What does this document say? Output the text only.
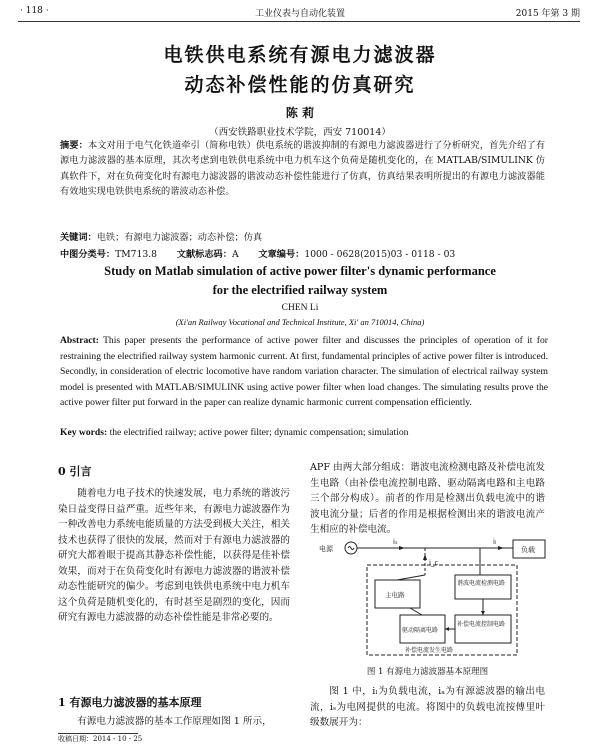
· 118 ·	工业仪表与自动化装置	2015 年第 3 期
电铁供电系统有源电力滤波器
动态补偿性能的仿真研究
陈 莉
（西安铁路职业技术学院，西安 710014）
摘要：本文对用于电气化铁道牵引（简称电铁）供电系统的谐波抑制的有源电力滤波器进行了分析研究，首先介绍了有源电力滤波器的基本原理，其次考虑到电铁供电系统中电力机车这个负荷是随机变化的，在 MATLAB/SIMULINK 仿真软件下，对在负荷变化时有源电力滤波器的谐波动态补偿性能进行了仿真，仿真结果表明所提出的有源电力滤波器能有效地实现电铁供电系统的谐波动态补偿。
关键词：电铁；有源电力滤波器；动态补偿；仿真
中图分类号：TM713.8 文献标志码：A 文章编号：1000 - 0628(2015)03 - 0118 - 03
Study on Matlab simulation of active power filter's dynamic performance
for the electrified railway system
CHEN Li
(Xi'an Railway Vocational and Technical Institute, Xi' an 710014, China)
Abstract: This paper presents the performance of active power filter and discusses the principles of operation of it for restraining the electrified railway system harmonic current. At first, fundamental principles of active power filter is introduced. Secondly, in consideration of electric locomotive have random variation character. The simulation of electrical railway system model is presented with MATLAB/SIMULINK using active power filter when load changes. The simulating results prove the active power filter put forward in the paper can realize dynamic harmonic current compensation efficiently.
Key words: the electrified railway; active power filter; dynamic compensation; simulation
0 引言
随着电力电子技术的快速发展，电力系统的谐波污染日益变得日益严重。近些年来，有源电力滤波器作为一种改善电力系统电能质量的方法受到极大关注，相关技术也获得了很快的发展，然而对于有源电力滤波器的研究大都着眼于提高其静态补偿性能，以获得是佳补偿效果，而对于在负荷变化时有源电力滤波器的谐波补偿动态性能研究的偏少。考虑到电铁供电系统中电力机车这个负荷是随机变化的，有时甚至是剧烈的变化，因而研究有源电力滤波器的动态补偿性能是非常必要的。
1 有源电力滤波器的基本原理
有源电力滤波器的基本工作原理如图 1 所示，
收稿日期：2014 - 10 - 25
APF 由两大部分组成：谐波电流检测电路及补偿电流发生电路（由补偿电流控制电路、驱动隔离电路和主电路三个部分构成）。前者的作用是检测出负载电流中的谐波电流分量；后者的作用是根据检测出来的谐波电流产生相应的补偿电流。
电源
iₛ	iₗ
i_c
负载
谐波电流检测电路
补偿电流控制电路
驱动隔离电路
主电路
补偿电流发生电路
图 1 有源电力滤波器基本原理图
图 1 中，iₗ为负载电流，iₐ为有源滤波器的输出电流，iₛ为电网提供的电流。将图中的负载电流按傅里叶级数展开为：
